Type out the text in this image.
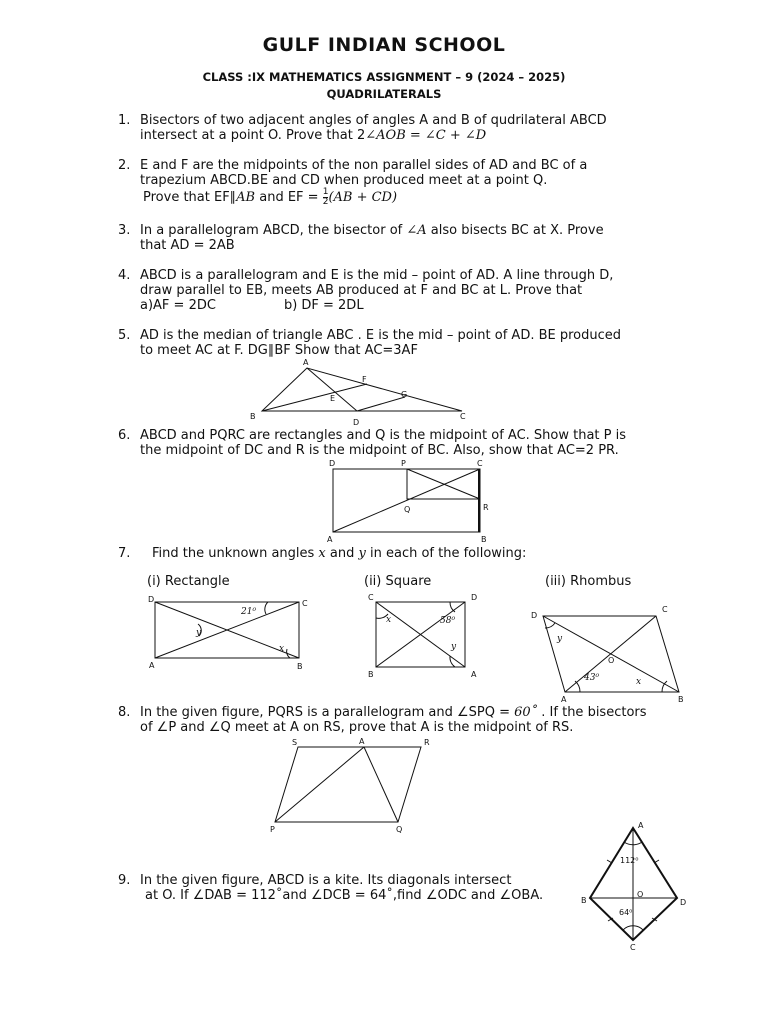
GULF INDIAN SCHOOL
CLASS :IX MATHEMATICS ASSIGNMENT – 9 (2024 – 2025)
QUADRILATERALS
1. Bisectors of two adjacent angles of angles A and B of qudrilateral ABCD
intersect at a point O. Prove that 2∠AOB = ∠C + ∠D
2. E and F are the midpoints of the non parallel sides of AD and BC of a
trapezium ABCD.BE and CD when produced meet at a point Q.
Prove that EF∥AB and EF = $\frac{1}{2} (AB + CD)$
3. In a parallelogram ABCD, the bisector of ∠A also bisects BC at X. Prove
that AD = 2AB
4. ABCD is a parallelogram and E is the mid – point of AD. A line through D,
draw parallel to EB, meets AB produced at F and BC at L. Prove that
a)AF = 2DC	b) DF = 2DL
5. AD is the median of triangle ABC . E is the mid – point of AD. BE produced
to meet AC at F. DG∥BF Show that AC=3AF
A
F
E	G
B
D
C
6. ABCD and PQRC are rectangles and Q is the midpoint of AC. Show that P is
the midpoint of DC and R is the midpoint of BC. Also, show that AC=2 PR.
D	P	C
Q	R
A	B
7. Find the unknown angles x and y in each of the following:
(i) Rectangle	(ii) Square	(iii) Rhombus
D	C
A	B
21⁰
y
x
C	D
B	A
x	58⁰
y
D
C
O
A	B
y
43⁰	x
8. In the given figure, PQRS is a parallelogram and ∠SPQ = 60˚ . If the bisectors
of ∠P and ∠Q meet at A on RS, prove that A is the midpoint of RS.
S	A	R
P	Q
9. In the given figure, ABCD is a kite. Its diagonals intersect
at O. If ∠DAB = 112˚and ∠DCB = 64˚,find ∠ODC and ∠OBA.
A
112⁰
O
B	D
64⁰
C
